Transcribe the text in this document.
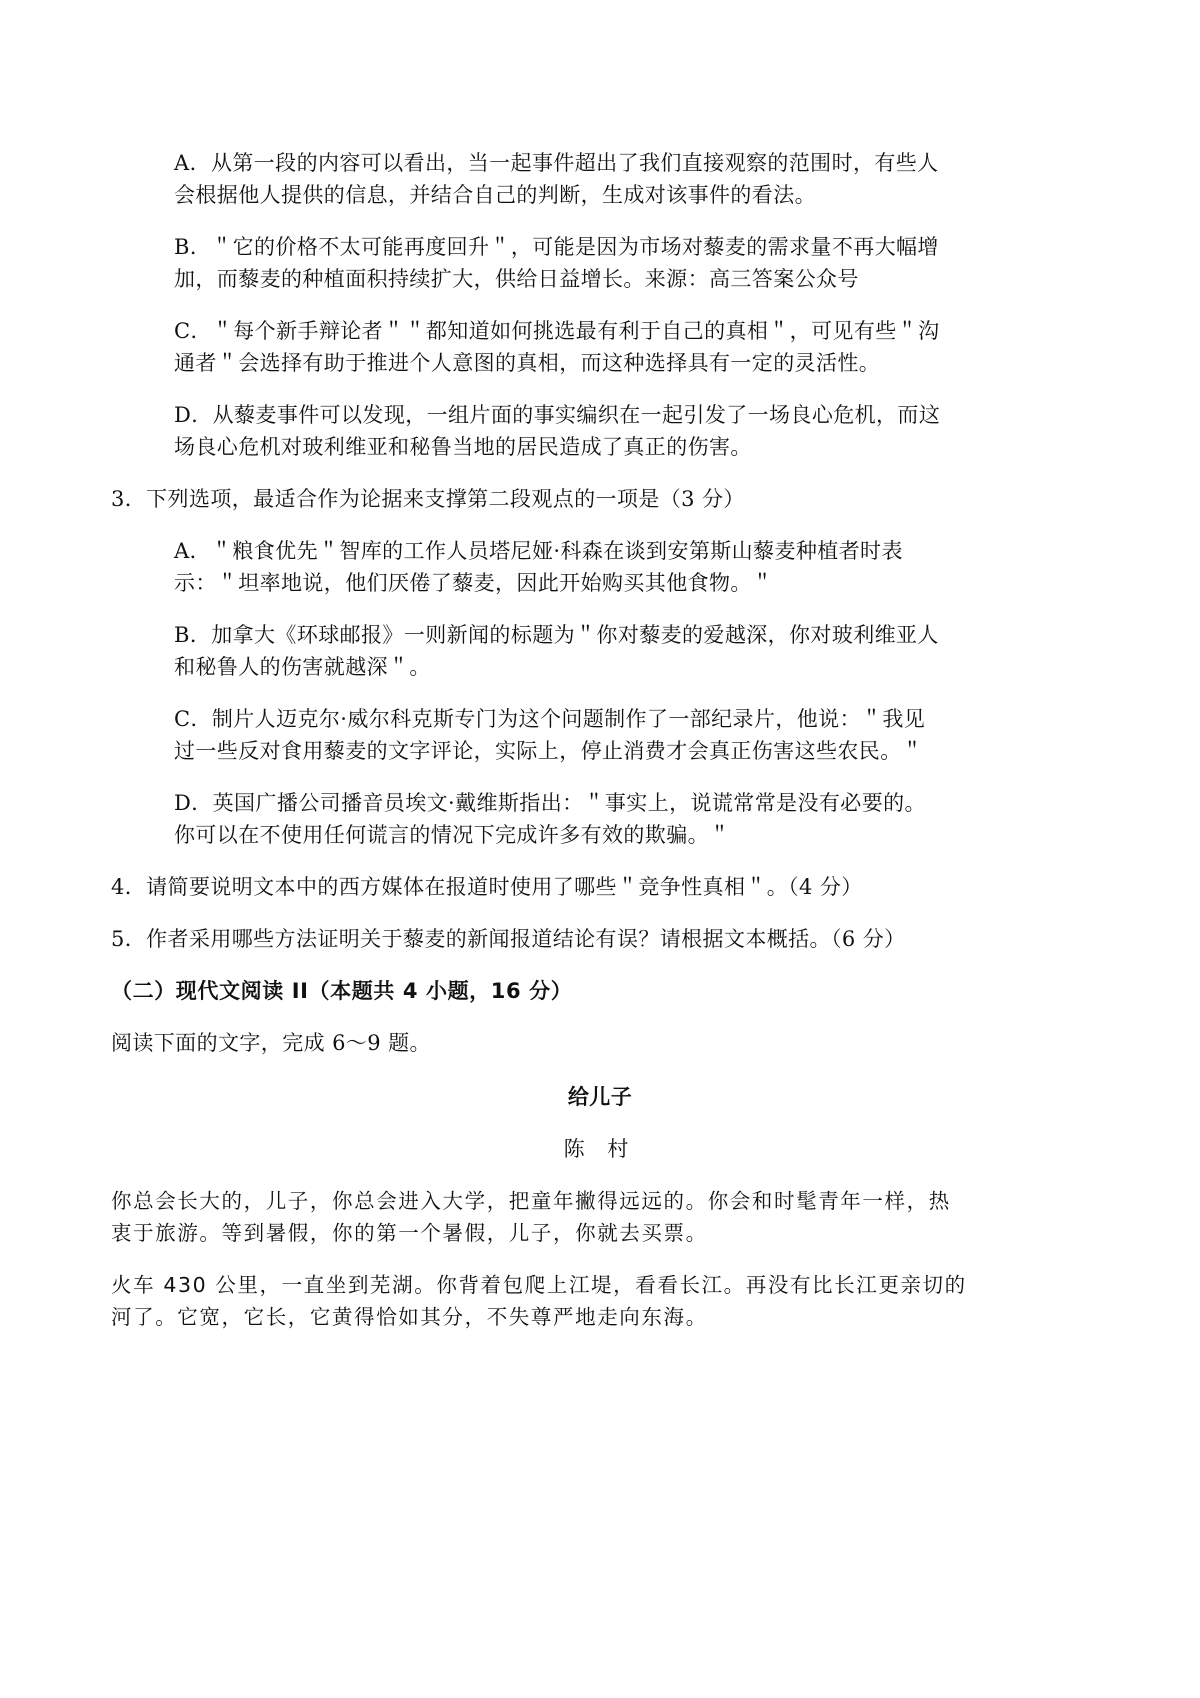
A．从第一段的内容可以看出，当一起事件超出了我们直接观察的范围时，有些人
会根据他人提供的信息，并结合自己的判断，生成对该事件的看法。
B．＂它的价格不太可能再度回升＂，可能是因为市场对藜麦的需求量不再大幅增
加，而藜麦的种植面积持续扩大，供给日益增长。来源：高三答案公众号
C．＂每个新手辩论者＂＂都知道如何挑选最有利于自己的真相＂，可见有些＂沟
通者＂会选择有助于推进个人意图的真相，而这种选择具有一定的灵活性。
D．从藜麦事件可以发现，一组片面的事实编织在一起引发了一场良心危机，而这
场良心危机对玻利维亚和秘鲁当地的居民造成了真正的伤害。
3．下列选项，最适合作为论据来支撑第二段观点的一项是（3 分）
A．＂粮食优先＂智库的工作人员塔尼娅·科森在谈到安第斯山藜麦种植者时表
示：＂坦率地说，他们厌倦了藜麦，因此开始购买其他食物。＂
B．加拿大《环球邮报》一则新闻的标题为＂你对藜麦的爱越深，你对玻利维亚人
和秘鲁人的伤害就越深＂。
C．制片人迈克尔·威尔科克斯专门为这个问题制作了一部纪录片，他说：＂我见
过一些反对食用藜麦的文字评论，实际上，停止消费才会真正伤害这些农民。＂
D．英国广播公司播音员埃文·戴维斯指出：＂事实上，说谎常常是没有必要的。
你可以在不使用任何谎言的情况下完成许多有效的欺骗。＂
4．请简要说明文本中的西方媒体在报道时使用了哪些＂竞争性真相＂。（4 分）
5．作者采用哪些方法证明关于藜麦的新闻报道结论有误？请根据文本概括。（6 分）
（二）现代文阅读 II（本题共 4 小题，16 分）
阅读下面的文字，完成 6～9 题。
给儿子
陈 村
你总会长大的，儿子，你总会进入大学，把童年撇得远远的。你会和时髦青年一样，热
衷于旅游。等到暑假，你的第一个暑假，儿子，你就去买票。
火车 430 公里，一直坐到芜湖。你背着包爬上江堤，看看长江。再没有比长江更亲切的
河了。它宽，它长，它黄得恰如其分，不失尊严地走向东海。
